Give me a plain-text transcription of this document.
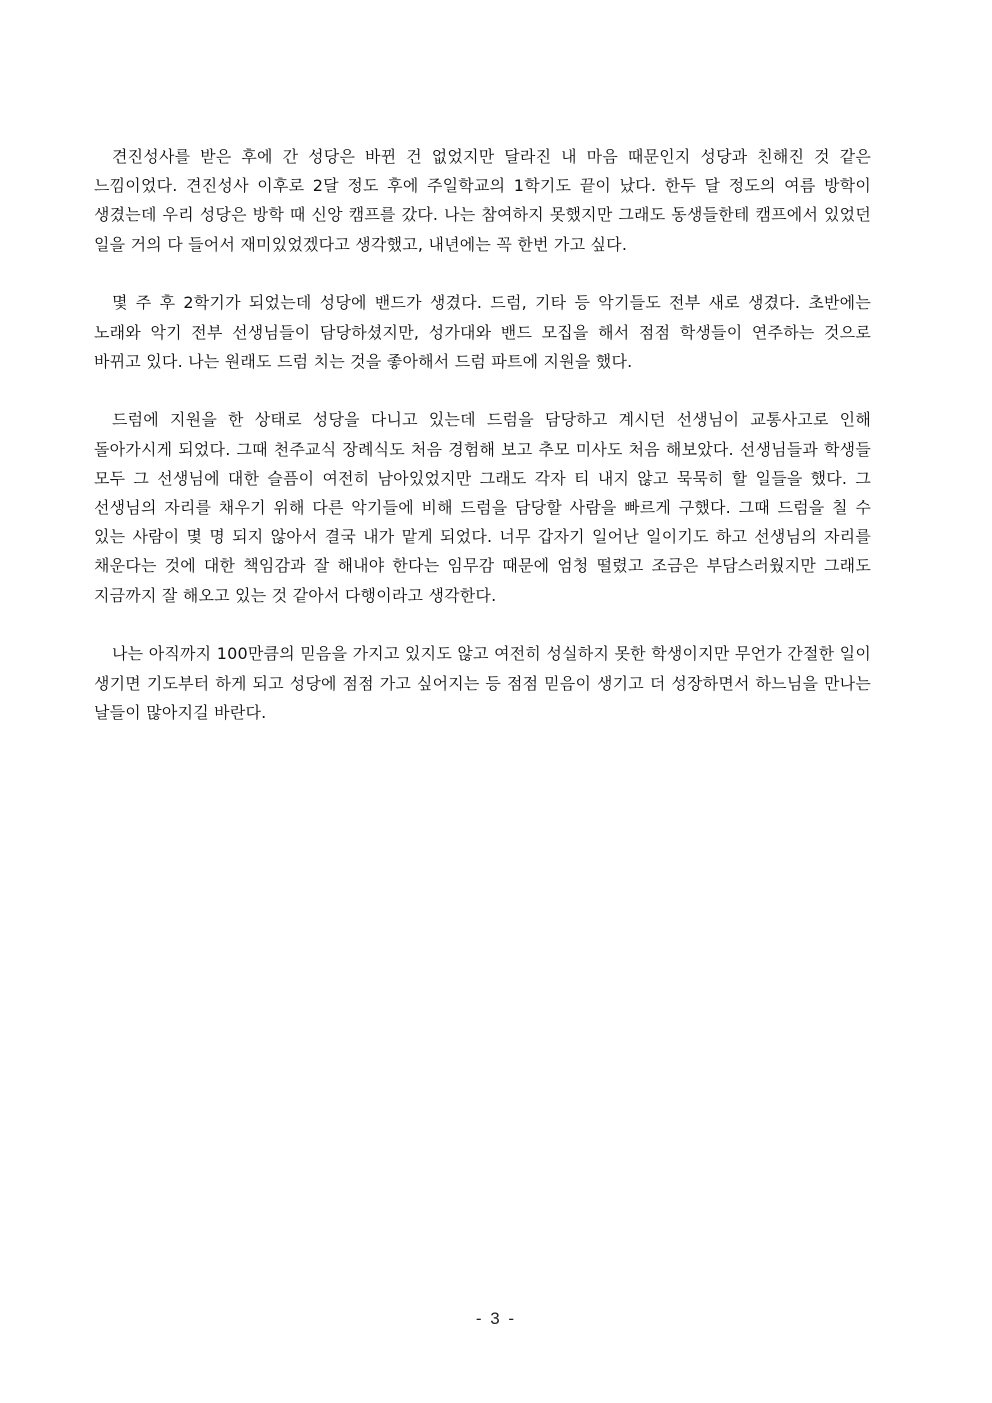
견진성사를 받은 후에 간 성당은 바뀐 건 없었지만 달라진 내 마음 때문인지 성당과 친해진 것 같은 느낌이었다. 견진성사 이후로 2달 정도 후에 주일학교의 1학기도 끝이 났다. 한두 달 정도의 여름 방학이 생겼는데 우리 성당은 방학 때 신앙 캠프를 갔다. 나는 참여하지 못했지만 그래도 동생들한테 캠프에서 있었던 일을 거의 다 들어서 재미있었겠다고 생각했고, 내년에는 꼭 한번 가고 싶다.

몇 주 후 2학기가 되었는데 성당에 밴드가 생겼다. 드럼, 기타 등 악기들도 전부 새로 생겼다. 초반에는 노래와 악기 전부 선생님들이 담당하셨지만, 성가대와 밴드 모집을 해서 점점 학생들이 연주하는 것으로 바뀌고 있다. 나는 원래도 드럼 치는 것을 좋아해서 드럼 파트에 지원을 했다.

드럼에 지원을 한 상태로 성당을 다니고 있는데 드럼을 담당하고 계시던 선생님이 교통사고로 인해 돌아가시게 되었다. 그때 천주교식 장례식도 처음 경험해 보고 추모 미사도 처음 해보았다. 선생님들과 학생들 모두 그 선생님에 대한 슬픔이 여전히 남아있었지만 그래도 각자 티 내지 않고 묵묵히 할 일들을 했다. 그 선생님의 자리를 채우기 위해 다른 악기들에 비해 드럼을 담당할 사람을 빠르게 구했다. 그때 드럼을 칠 수 있는 사람이 몇 명 되지 않아서 결국 내가 맡게 되었다. 너무 갑자기 일어난 일이기도 하고 선생님의 자리를 채운다는 것에 대한 책임감과 잘 해내야 한다는 임무감 때문에 엄청 떨렸고 조금은 부담스러웠지만 그래도 지금까지 잘 해오고 있는 것 같아서 다행이라고 생각한다.

나는 아직까지 100만큼의 믿음을 가지고 있지도 않고 여전히 성실하지 못한 학생이지만 무언가 간절한 일이 생기면 기도부터 하게 되고 성당에 점점 가고 싶어지는 등 점점 믿음이 생기고 더 성장하면서 하느님을 만나는 날들이 많아지길 바란다.

- 3 -
